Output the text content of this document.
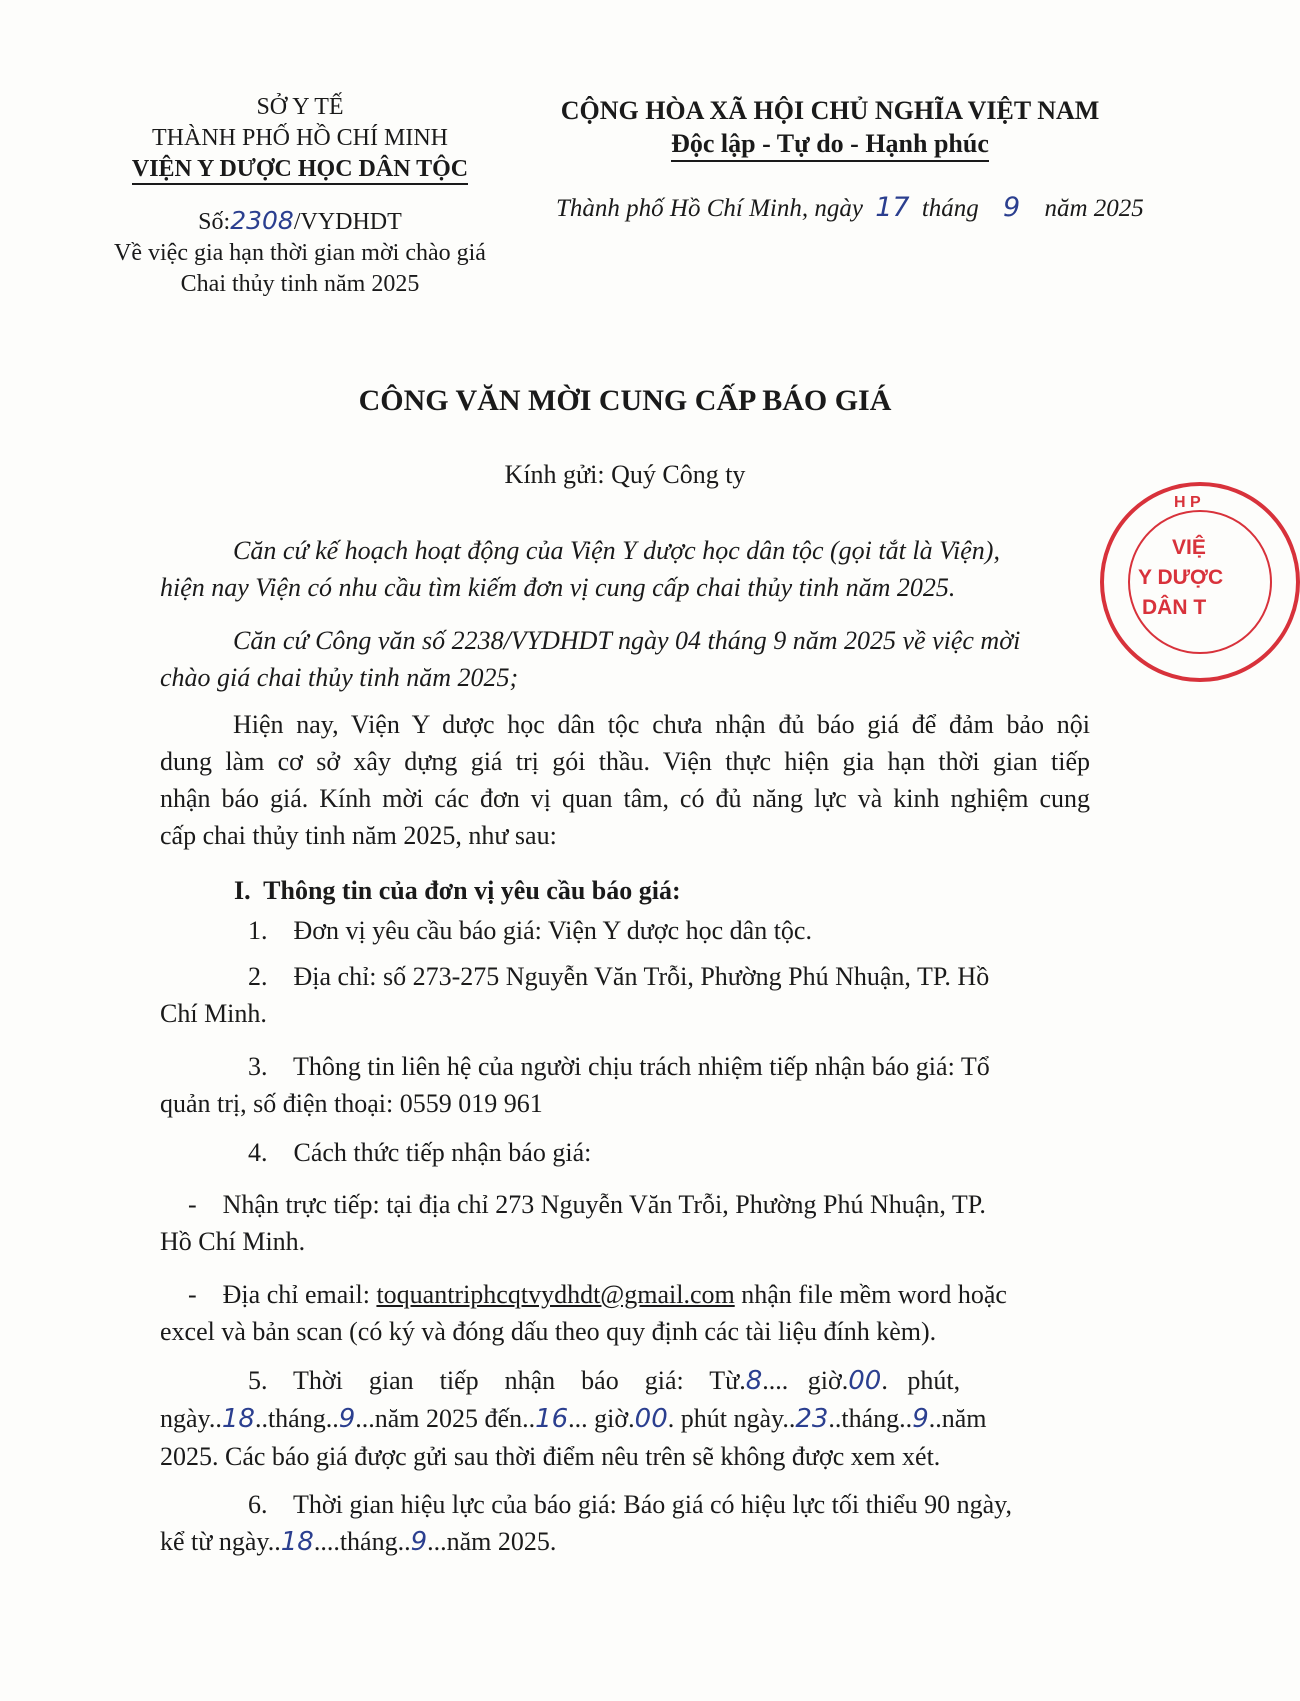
SỞ Y TẾ
THÀNH PHỐ HỒ CHÍ MINH
VIỆN Y DƯỢC HỌC DÂN TỘC
Số:2308/VYDHDT
Về việc gia hạn thời gian mời chào giá
Chai thủy tinh năm 2025
CỘNG HÒA XÃ HỘI CHỦ NGHĨA VIỆT NAM
Độc lập - Tự do - Hạnh phúc
Thành phố Hồ Chí Minh, ngày 17 tháng 9 năm 2025
CÔNG VĂN MỜI CUNG CẤP BÁO GIÁ
Kính gửi: Quý Công ty
H P
VIỆ
Y DƯỢC
DÂN T
Căn cứ kế hoạch hoạt động của Viện Y dược học dân tộc (gọi tắt là Viện),
hiện nay Viện có nhu cầu tìm kiếm đơn vị cung cấp chai thủy tinh năm 2025.
Căn cứ Công văn số 2238/VYDHDT ngày 04 tháng 9 năm 2025 về việc mời
chào giá chai thủy tinh năm 2025;
Hiện nay, Viện Y dược học dân tộc chưa nhận đủ báo giá để đảm bảo nội
dung làm cơ sở xây dựng giá trị gói thầu. Viện thực hiện gia hạn thời gian tiếp
nhận báo giá. Kính mời các đơn vị quan tâm, có đủ năng lực và kinh nghiệm cung
cấp chai thủy tinh năm 2025, như sau:
I.  Thông tin của đơn vị yêu cầu báo giá:
1.    Đơn vị yêu cầu báo giá: Viện Y dược học dân tộc.
2.    Địa chỉ: số 273-275 Nguyễn Văn Trỗi, Phường Phú Nhuận, TP. Hồ
Chí Minh.
3.    Thông tin liên hệ của người chịu trách nhiệm tiếp nhận báo giá: Tổ
quản trị, số điện thoại: 0559 019 961
4.    Cách thức tiếp nhận báo giá:
-    Nhận trực tiếp: tại địa chỉ 273 Nguyễn Văn Trỗi, Phường Phú Nhuận, TP.
Hồ Chí Minh.
-    Địa chỉ email: toquantriphcqtvydhdt@gmail.com nhận file mềm word hoặc
excel và bản scan (có ký và đóng dấu theo quy định các tài liệu đính kèm).
5.    Thời    gian    tiếp    nhận    báo    giá:    Từ.8....   giờ.00.   phút,
ngày..18..tháng..9...năm 2025 đến..16... giờ.00. phút ngày..23..tháng..9..năm
2025. Các báo giá được gửi sau thời điểm nêu trên sẽ không được xem xét.
6.    Thời gian hiệu lực của báo giá: Báo giá có hiệu lực tối thiểu 90 ngày,
kể từ ngày..18....tháng..9...năm 2025.
